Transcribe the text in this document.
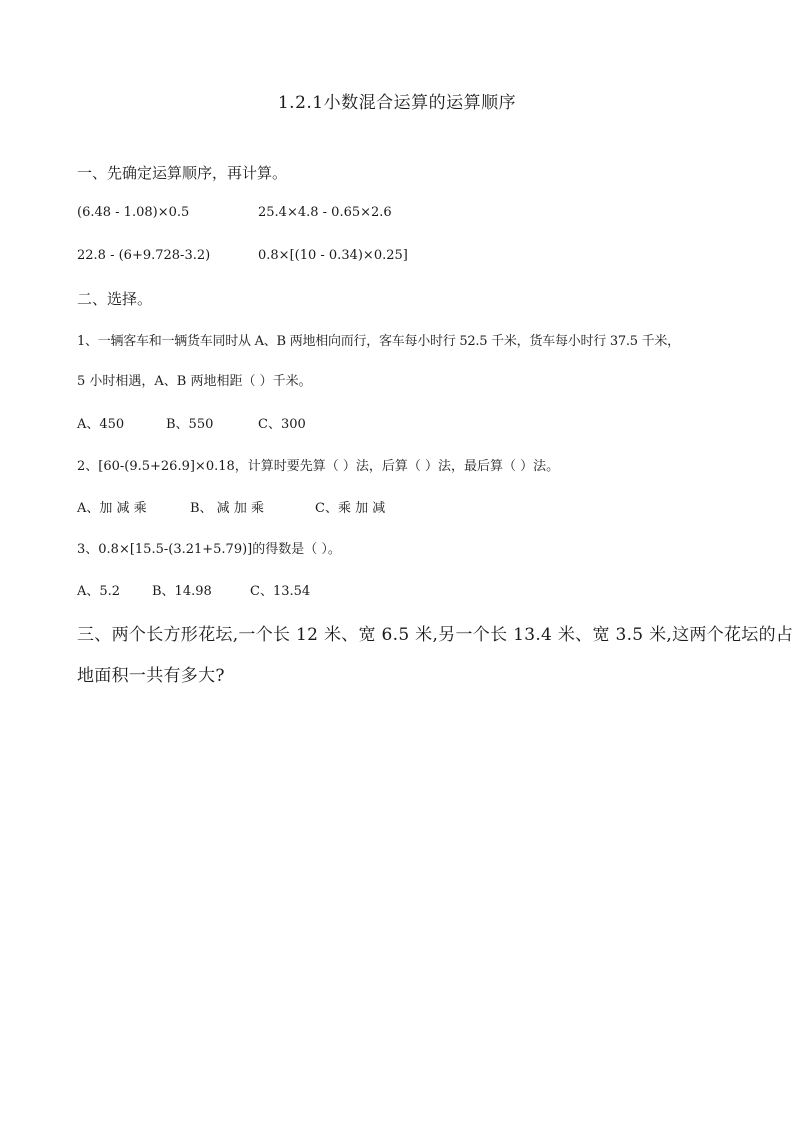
1.2.1小数混合运算的运算顺序
一、先确定运算顺序，再计算。
(6.48 - 1.08)×0.5	25.4×4.8 - 0.65×2.6
22.8 - (6+9.728-3.2)	0.8×[(10 - 0.34)×0.25]
二、选择。
1、一辆客车和一辆货车同时从 A、B 两地相向而行，客车每小时行 52.5 千米，货车每小时行 37.5 千米，
5 小时相遇，A、B 两地相距（ ）千米。
A、450	B、550	C、300
2、[60-(9.5+26.9]×0.18，计算时要先算（ ）法，后算（ ）法，最后算（ ）法。
A、加 减 乘	B、 减 加 乘	C、乘 加 减
3、0.8×[15.5-(3.21+5.79)]的得数是（ ）。
A、5.2 B、14.98	C、13.54
三、两个长方形花坛,一个长 12 米、宽 6.5 米,另一个长 13.4 米、宽 3.5 米,这两个花坛的占
地面积一共有多大?
